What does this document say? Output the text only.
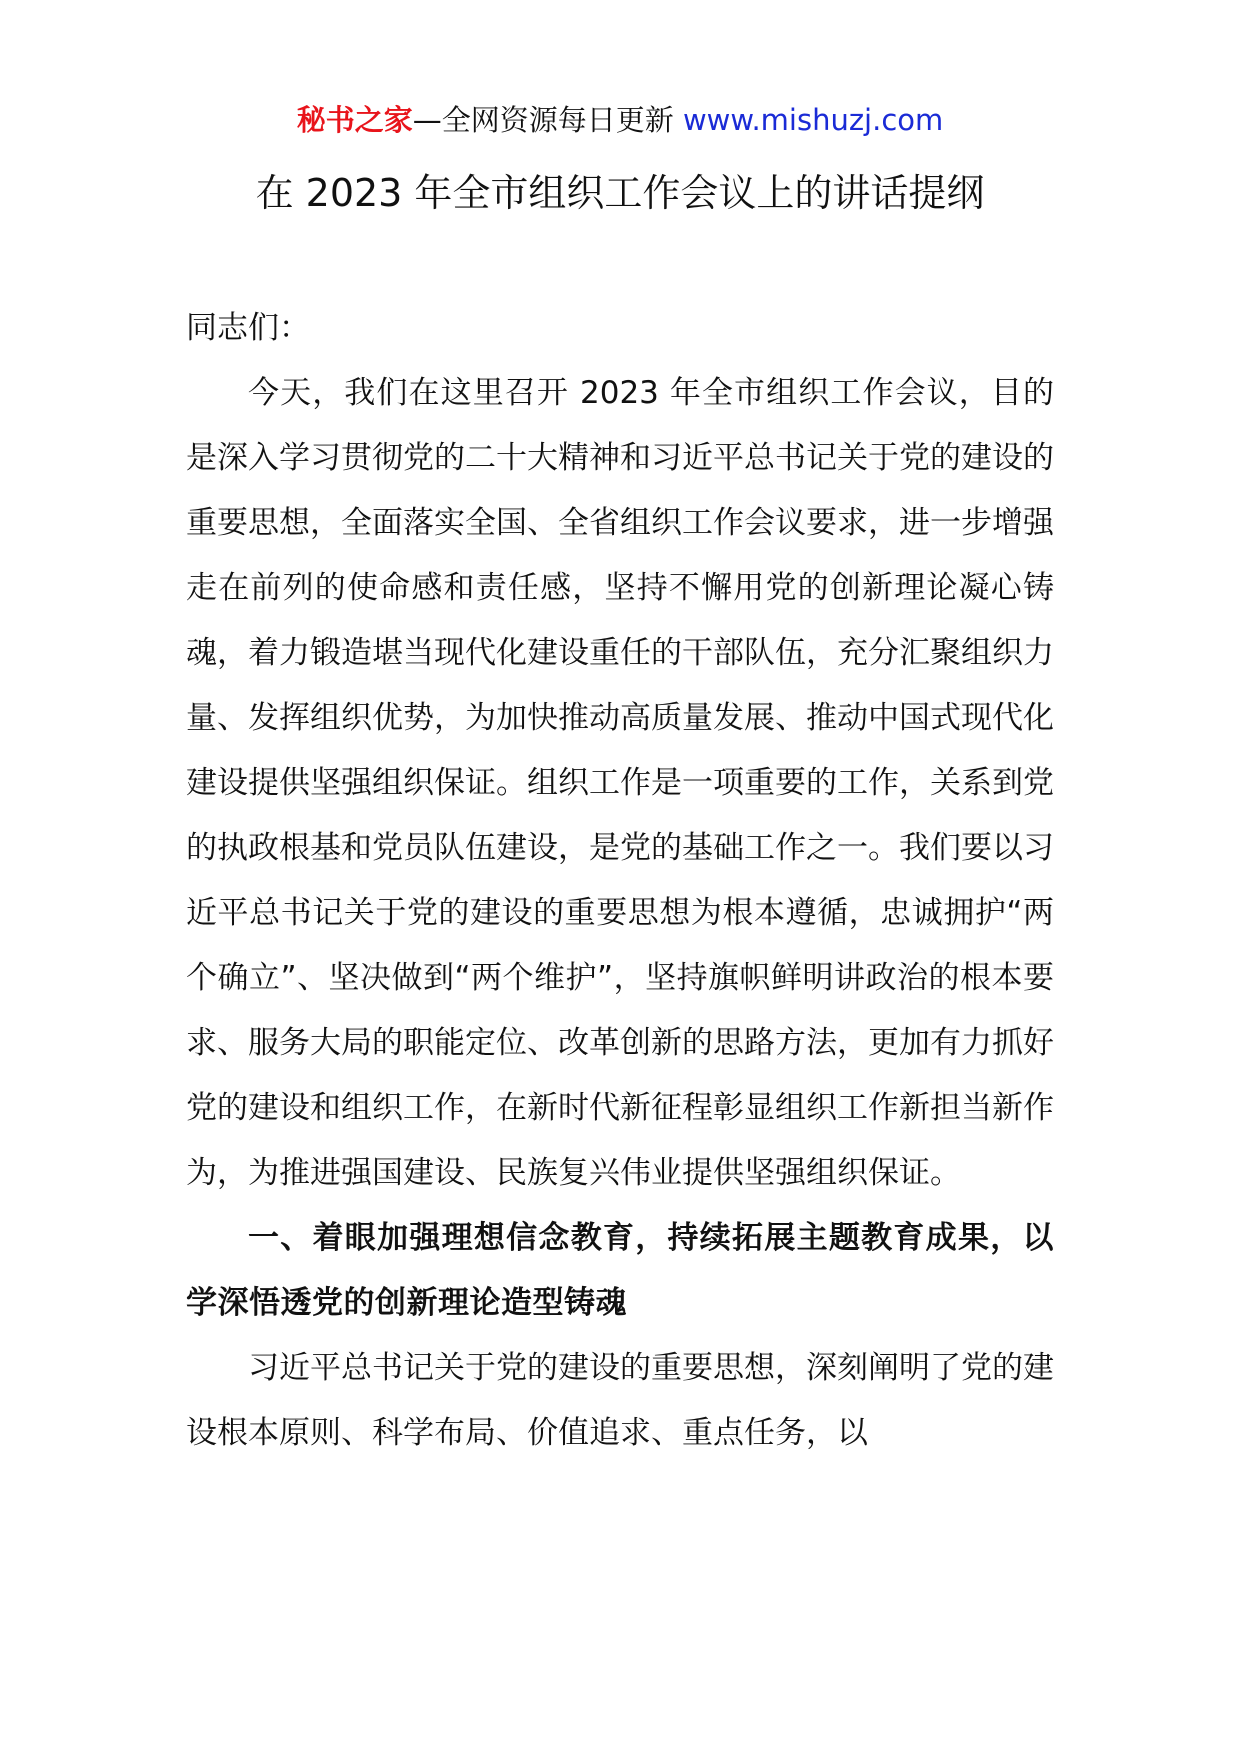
秘书之家—全网资源每日更新 www.mishuzj.com
在 2023 年全市组织工作会议上的讲话提纲

同志们：

今天，我们在这里召开 2023 年全市组织工作会议，目的是深入学习贯彻党的二十大精神和习近平总书记关于党的建设的重要思想，全面落实全国、全省组织工作会议要求，进一步增强走在前列的使命感和责任感，坚持不懈用党的创新理论凝心铸魂，着力锻造堪当现代化建设重任的干部队伍，充分汇聚组织力量、发挥组织优势，为加快推动高质量发展、推动中国式现代化建设提供坚强组织保证。组织工作是一项重要的工作，关系到党的执政根基和党员队伍建设，是党的基础工作之一。我们要以习近平总书记关于党的建设的重要思想为根本遵循，忠诚拥护“两个确立”、坚决做到“两个维护”，坚持旗帜鲜明讲政治的根本要求、服务大局的职能定位、改革创新的思路方法，更加有力抓好党的建设和组织工作，在新时代新征程彰显组织工作新担当新作为，为推进强国建设、民族复兴伟业提供坚强组织保证。

一、着眼加强理想信念教育，持续拓展主题教育成果，以学深悟透党的创新理论造型铸魂

习近平总书记关于党的建设的重要思想，深刻阐明了党的建设根本原则、科学布局、价值追求、重点任务，以
